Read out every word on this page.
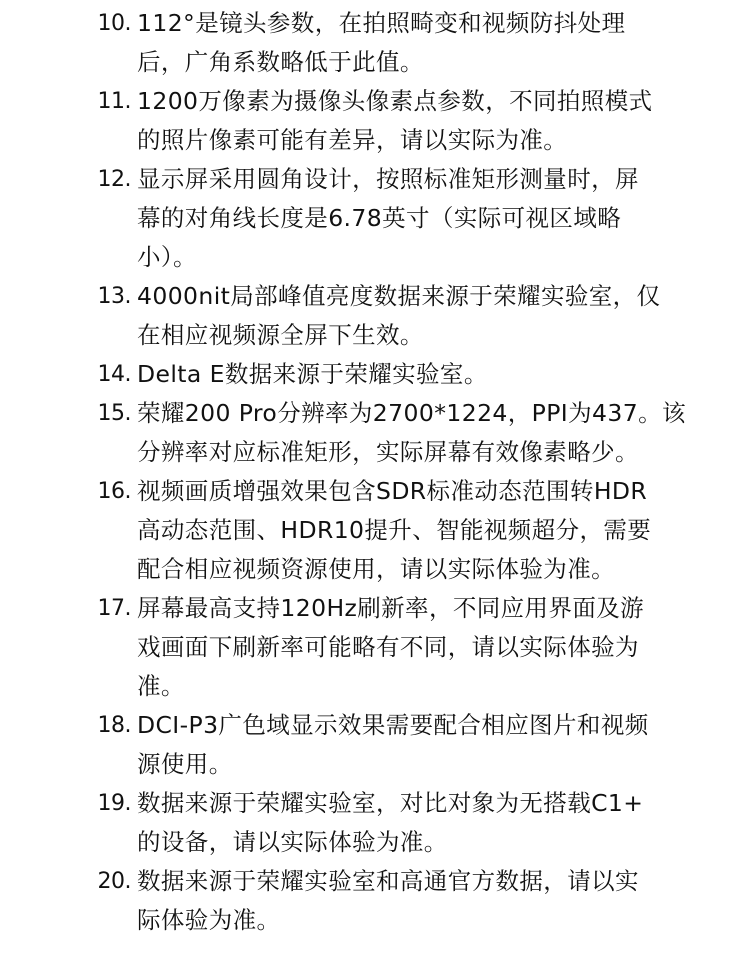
10. 112°是镜头参数，在拍照畸变和视频防抖处理
后，广角系数略低于此值。
11. 1200万像素为摄像头像素点参数，不同拍照模式
的照片像素可能有差异，请以实际为准。
12. 显示屏采用圆角设计，按照标准矩形测量时，屏
幕的对角线长度是6.78英寸（实际可视区域略
小）。
13. 4000nit局部峰值亮度数据来源于荣耀实验室，仅
在相应视频源全屏下生效。
14. Delta E数据来源于荣耀实验室。
15. 荣耀200 Pro分辨率为2700*1224，PPI为437。该
分辨率对应标准矩形，实际屏幕有效像素略少。
16. 视频画质增强效果包含SDR标准动态范围转HDR
高动态范围、HDR10提升、智能视频超分，需要
配合相应视频资源使用，请以实际体验为准。
17. 屏幕最高支持120Hz刷新率，不同应用界面及游
戏画面下刷新率可能略有不同，请以实际体验为
准。
18. DCI-P3广色域显示效果需要配合相应图片和视频
源使用。
19. 数据来源于荣耀实验室，对比对象为无搭载C1+
的设备，请以实际体验为准。
20. 数据来源于荣耀实验室和高通官方数据，请以实
际体验为准。
